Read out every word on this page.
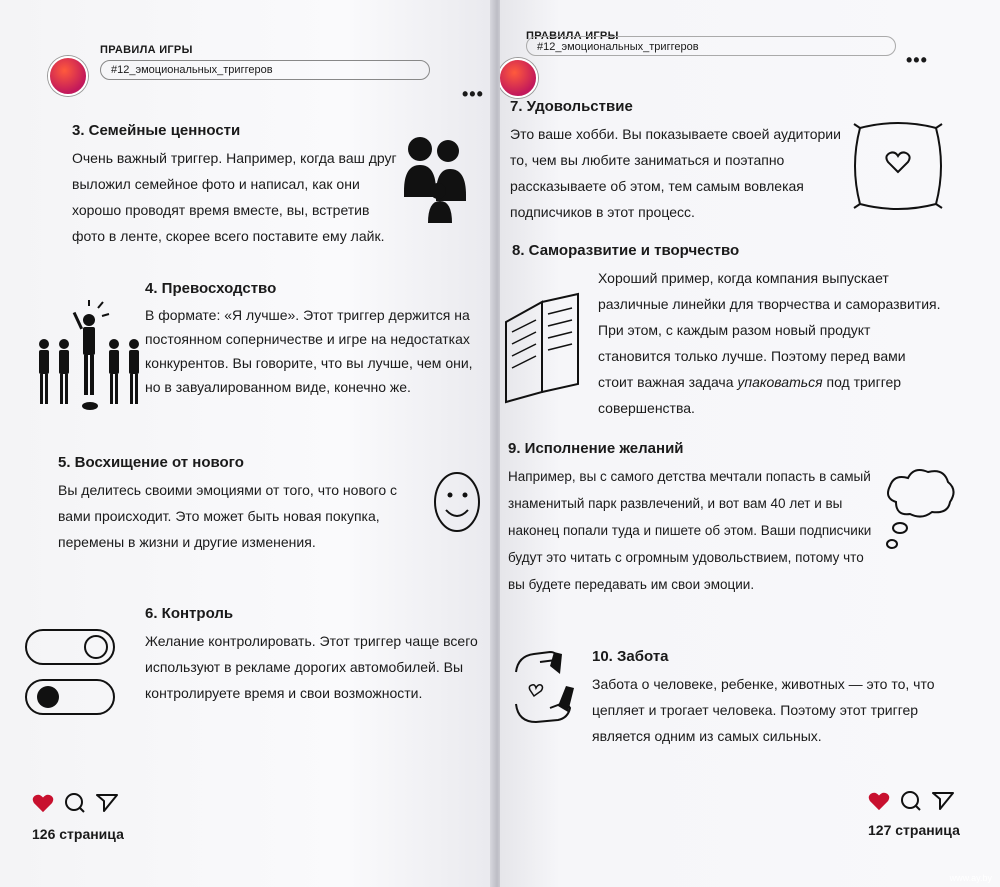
ПРАВИЛА ИГРЫ
#12_эмоциональных_триггеров
•••
3. Семейные ценности

Очень важный триггер. Например, когда ваш друг выложил семейное фото и написал, как они хорошо проводят время вместе, вы, встретив фото в ленте, скорее всего поставите ему лайк.

4. Превосходство

В формате: «Я лучше». Этот триггер держится на постоянном соперничестве и игре на недостатках конкурентов. Вы говорите, что вы лучше, чем они, но в завуалированном виде, конечно же.

5. Восхищение от нового

Вы делитесь своими эмоциями от того, что нового с вами происходит. Это может быть новая покупка, перемены в жизни и другие изменения.

6. Контроль

Желание контролировать. Этот триггер чаще всего используют в рекламе дорогих автомобилей. Вы контролируете время и свои возможности.

126 страница
ПРАВИЛА ИГРЫ
#12_эмоциональных_триггеров
•••
7. Удовольствие

Это ваше хобби. Вы показываете своей аудитории то, чем вы любите заниматься и поэтапно рассказываете об этом, тем самым вовлекая подписчиков в этот процесс.

8. Саморазвитие и творчество

Хороший пример, когда компания выпускает различные линейки для творчества и саморазвития. При этом, с каждым разом новый продукт становится только лучше. Поэтому перед вами стоит важная задача упаковаться под триггер совершенства.

9. Исполнение желаний

Например, вы с самого детства мечтали попасть в самый знаменитый парк развлечений, и вот вам 40 лет и вы наконец попали туда и пишете об этом. Ваши подписчики будут это читать с огромным удовольствием, потому что вы будете передавать им свои эмоции.

10. Забота

Забота о человеке, ребенке, животных — это то, что цепляет и трогает человека. Поэтому этот триггер является одним из самых сильных.

127 страница
www.ay.by
